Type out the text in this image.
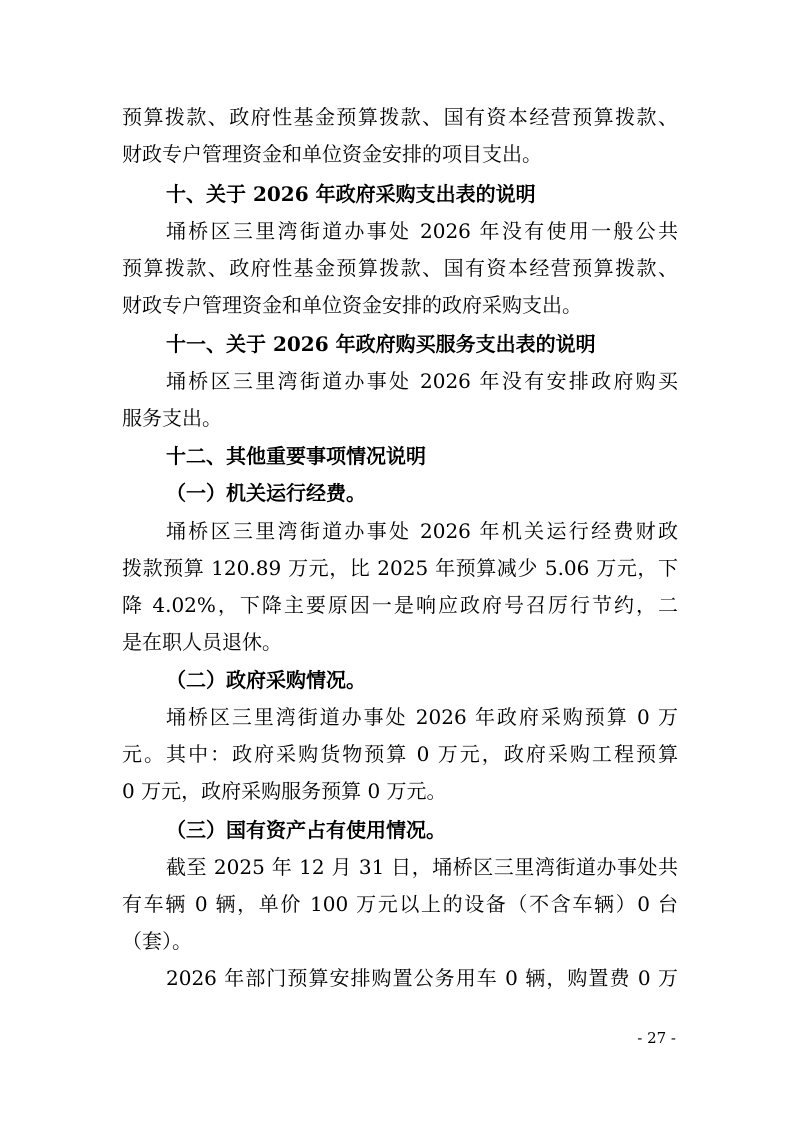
预算拨款、政府性基金预算拨款、国有资本经营预算拨款、
财政专户管理资金和单位资金安排的项目支出。
十、关于 2026 年政府采购支出表的说明
埇桥区三里湾街道办事处 2026 年没有使用一般公共
预算拨款、政府性基金预算拨款、国有资本经营预算拨款、
财政专户管理资金和单位资金安排的政府采购支出。
十一、关于 2026 年政府购买服务支出表的说明
埇桥区三里湾街道办事处 2026 年没有安排政府购买
服务支出。
十二、其他重要事项情况说明
（一）机关运行经费。
埇桥区三里湾街道办事处 2026 年机关运行经费财政
拨款预算 120.89 万元，比 2025 年预算减少 5.06 万元，下
降 4.02%，下降主要原因一是响应政府号召厉行节约，二
是在职人员退休。
（二）政府采购情况。
埇桥区三里湾街道办事处 2026 年政府采购预算 0 万
元。其中：政府采购货物预算 0 万元，政府采购工程预算
0 万元，政府采购服务预算 0 万元。
（三）国有资产占有使用情况。
截至 2025 年 12 月 31 日，埇桥区三里湾街道办事处共
有车辆 0 辆，单价 100 万元以上的设备（不含车辆）0 台
（套）。
2026 年部门预算安排购置公务用车 0 辆，购置费 0 万
- 27 -
